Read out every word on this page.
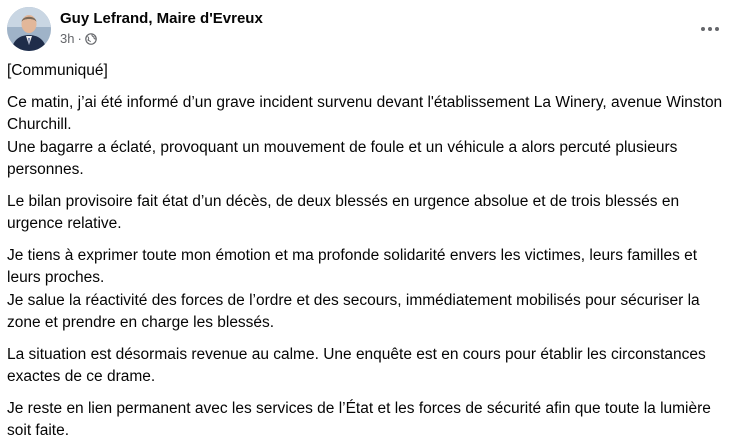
Guy Lefrand, Maire d'Evreux
3h ·

[Communiqué]

Ce matin, j’ai été informé d’un grave incident survenu devant l'établissement La Winery, avenue Winston Churchill.

Une bagarre a éclaté, provoquant un mouvement de foule et un véhicule a alors percuté plusieurs personnes.

Le bilan provisoire fait état d’un décès, de deux blessés en urgence absolue et de trois blessés en urgence relative.

Je tiens à exprimer toute mon émotion et ma profonde solidarité envers les victimes, leurs familles et leurs proches.

Je salue la réactivité des forces de l’ordre et des secours, immédiatement mobilisés pour sécuriser la zone et prendre en charge les blessés.

La situation est désormais revenue au calme. Une enquête est en cours pour établir les circonstances exactes de ce drame.

Je reste en lien permanent avec les services de l’État et les forces de sécurité afin que toute la lumière soit faite.
